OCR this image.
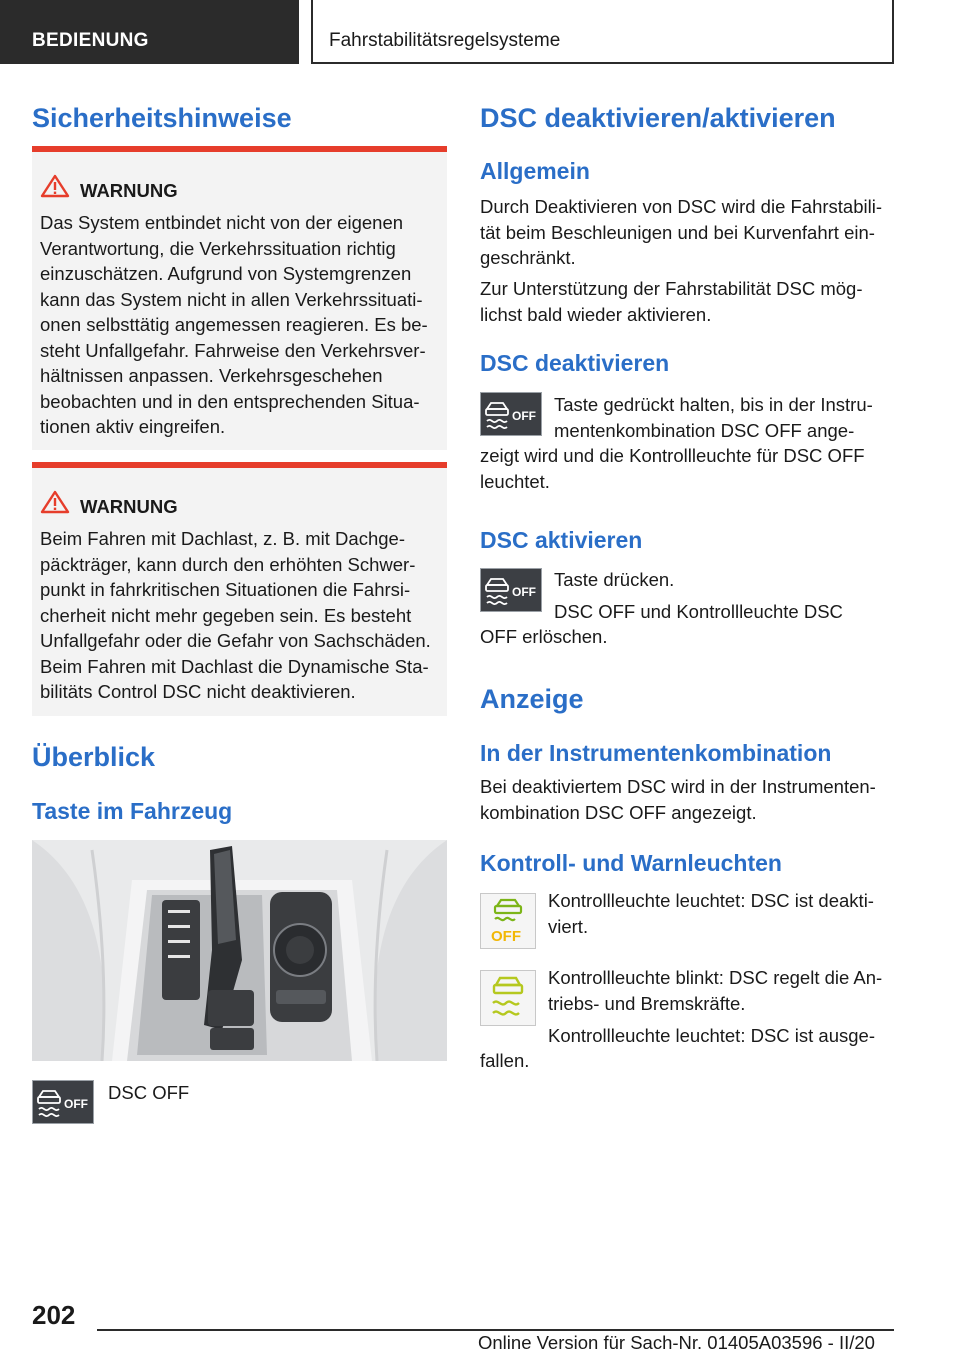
BEDIENUNG	Fahrstabilitätsregelsysteme
Sicherheitshinweise
WARNUNG

Das System entbindet nicht von der eigenen
Verantwortung, die Verkehrssituation richtig
einzuschätzen. Aufgrund von Systemgrenzen
kann das System nicht in allen Verkehrssituati-
onen selbsttätig angemessen reagieren. Es be-
steht Unfallgefahr. Fahrweise den Verkehrsver-
hältnissen anpassen. Verkehrsgeschehen
beobachten und in den entsprechenden Situa-
tionen aktiv eingreifen.

WARNUNG

Beim Fahren mit Dachlast, z. B. mit Dachge-
päckträger, kann durch den erhöhten Schwer-
punkt in fahrkritischen Situationen die Fahrsi-
cherheit nicht mehr gegeben sein. Es besteht
Unfallgefahr oder die Gefahr von Sachschäden.
Beim Fahren mit Dachlast die Dynamische Sta-
bilitäts Control DSC nicht deaktivieren.

Überblick
Taste im Fahrzeug
OFF

DSC OFF

DSC deaktivieren/aktivieren
Allgemein

Durch Deaktivieren von DSC wird die Fahrstabili-
tät beim Beschleunigen und bei Kurvenfahrt ein-
geschränkt.

Zur Unterstützung der Fahrstabilität DSC mög-
lichst bald wieder aktivieren.

DSC deaktivieren
OFF

Taste gedrückt halten, bis in der Instru-
mentenkombination DSC OFF ange-

zeigt wird und die Kontrollleuchte für DSC OFF
leuchtet.

DSC aktivieren
OFF

Taste drücken.

DSC OFF und Kontrollleuchte DSC

OFF erlöschen.

Anzeige
In der Instrumentenkombination

Bei deaktiviertem DSC wird in der Instrumenten-
kombination DSC OFF angezeigt.

Kontroll- und Warnleuchten
OFF

Kontrollleuchte leuchtet: DSC ist deakti-
viert.

Kontrollleuchte blinkt: DSC regelt die An-
triebs- und Bremskräfte.

Kontrollleuchte leuchtet: DSC ist ausge-

fallen.

202
Online Version für Sach-Nr. 01405A03596 - II/20
